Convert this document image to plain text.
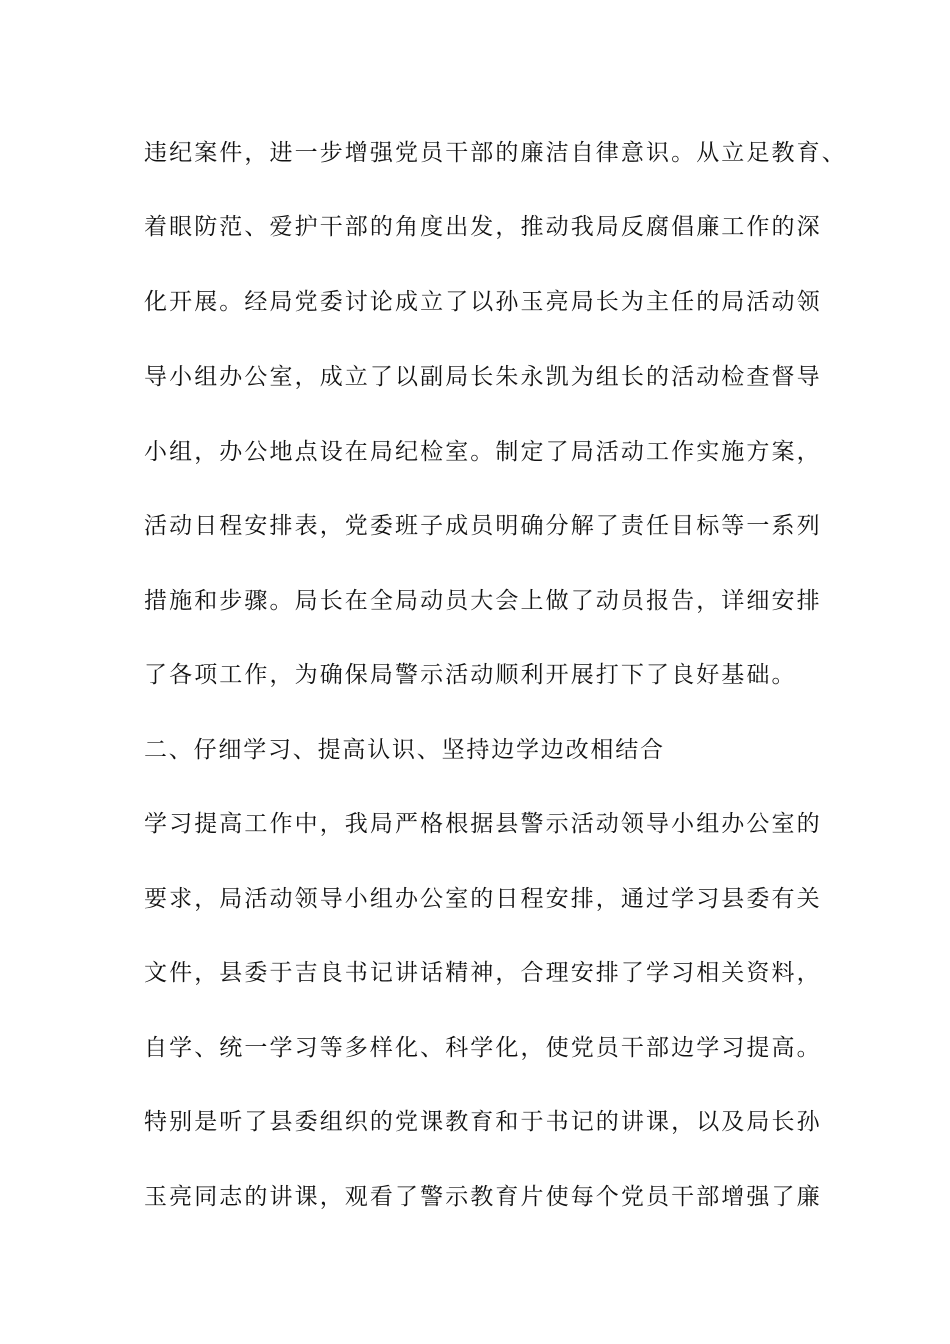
违纪案件，进一步增强党员干部的廉洁自律意识。从立足教育、
着眼防范、爱护干部的角度出发，推动我局反腐倡廉工作的深
化开展。经局党委讨论成立了以孙玉亮局长为主任的局活动领
导小组办公室，成立了以副局长朱永凯为组长的活动检查督导
小组，办公地点设在局纪检室。制定了局活动工作实施方案，
活动日程安排表，党委班子成员明确分解了责任目标等一系列
措施和步骤。局长在全局动员大会上做了动员报告，详细安排
了各项工作，为确保局警示活动顺利开展打下了良好基础。
二、仔细学习、提高认识、坚持边学边改相结合
学习提高工作中，我局严格根据县警示活动领导小组办公室的
要求，局活动领导小组办公室的日程安排，通过学习县委有关
文件，县委于吉良书记讲话精神，合理安排了学习相关资料，
自学、统一学习等多样化、科学化，使党员干部边学习提高。
特别是听了县委组织的党课教育和于书记的讲课，以及局长孙
玉亮同志的讲课，观看了警示教育片使每个党员干部增强了廉
